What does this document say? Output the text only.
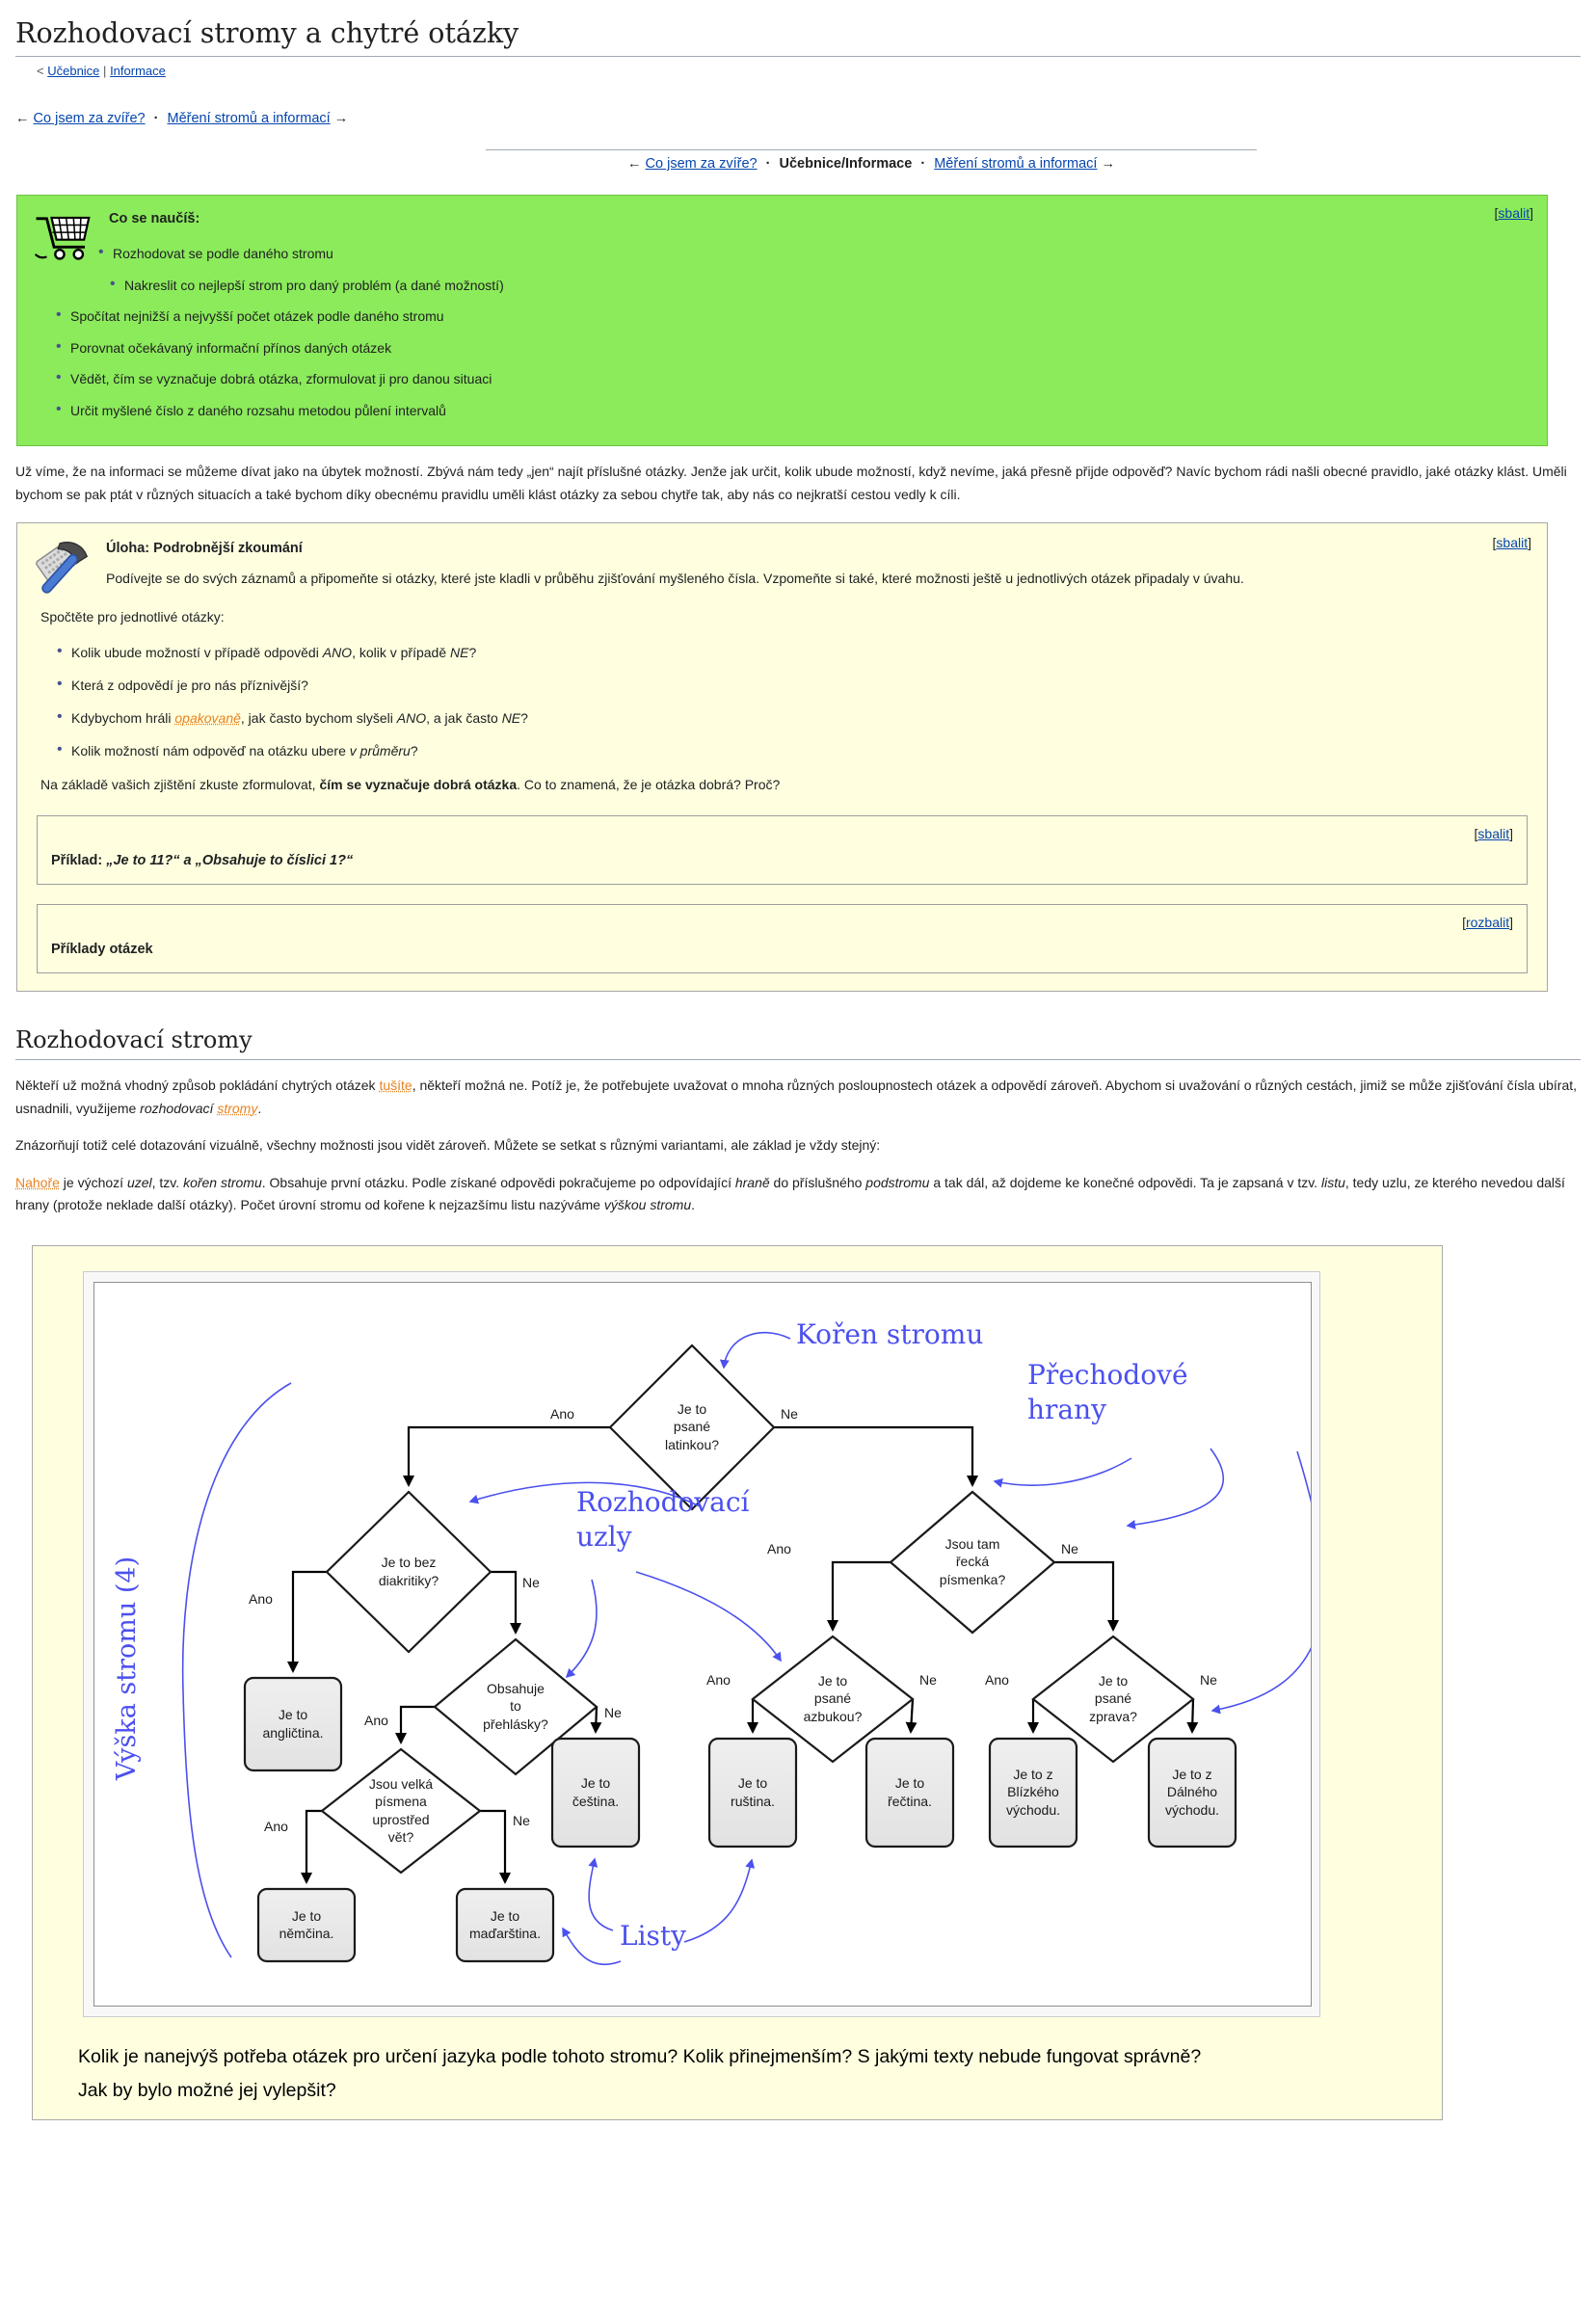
Rozhodovací stromy a chytré otázky
< Učebnice | Informace
← Co jsem za zvíře? · Měření stromů a informací →
← Co jsem za zvíře? · Učebnice/Informace · Měření stromů a informací →
[sbalit]
Co se naučíš:
• Rozhodovat se podle daného stromu
• Nakreslit co nejlepší strom pro daný problém (a dané možností)
• Spočítat nejnižší a nejvyšší počet otázek podle daného stromu
• Porovnat očekávaný informační přínos daných otázek
• Vědět, čím se vyznačuje dobrá otázka, zformulovat ji pro danou situaci
• Určit myšlené číslo z daného rozsahu metodou půlení intervalů

Už víme, že na informaci se můžeme dívat jako na úbytek možností. Zbývá nám tedy „jen“ najít příslušné otázky. Jenže jak určit, kolik ubude možností, když nevíme, jaká přesně přijde odpověď? Navíc bychom rádi našli obecné pravidlo, jaké otázky klást. Uměli bychom se pak ptát v různých situacích a také bychom díky obecnému pravidlu uměli klást otázky za sebou chytře tak, aby nás co nejkratší cestou vedly k cíli.

[sbalit]
Úloha: Podrobnější zkoumání

Podívejte se do svých záznamů a připomeňte si otázky, které jste kladli v průběhu zjišťování myšleného čísla. Vzpomeňte si také, které možnosti ještě u jednotlivých otázek připadaly v úvahu.

Spočtěte pro jednotlivé otázky:
• Kolik ubude možností v případě odpovědi ANO, kolik v případě NE?
• Která z odpovědí je pro nás příznivější?
• Kdybychom hráli opakovaně, jak často bychom slyšeli ANO, a jak často NE?
• Kolik možností nám odpověď na otázku ubere v průměru?
Na základě vašich zjištění zkuste zformulovat, čím se vyznačuje dobrá otázka. Co to znamená, že je otázka dobrá? Proč?
[sbalit]
Příklad: „Je to 11?“ a „Obsahuje to číslici 1?“
[rozbalit]
Příklady otázek
Rozhodovací stromy

Někteří už možná vhodný způsob pokládání chytrých otázek tušíte, někteří možná ne. Potíž je, že potřebujete uvažovat o mnoha různých posloupnostech otázek a odpovědí zároveň. Abychom si uvažování o různých cestách, jimiž se může zjišťování čísla ubírat, usnadnili, využijeme rozhodovací stromy.

Znázorňují totiž celé dotazování vizuálně, všechny možnosti jsou vidět zároveň. Můžete se setkat s různými variantami, ale základ je vždy stejný:

Nahoře je výchozí uzel, tzv. kořen stromu. Obsahuje první otázku. Podle získané odpovědi pokračujeme po odpovídající hraně do příslušného podstromu a tak dál, až dojdeme ke konečné odpovědi. Ta je zapsaná v tzv. listu, tedy uzlu, ze kterého nevedou další hrany (protože neklade další otázky). Počet úrovní stromu od kořene k nejzazšímu listu nazýváme výškou stromu.

Je to
psané
latinkou?
Je to bez
diakritiky?
Obsahuje
to
přehlásky?
Jsou velká
písmena
uprostřed
vět?
Jsou tam
řecká
písmenka?
Je to
psané
azbukou?
Je to
psané
zprava?
Je to
angličtina.
Je to
čeština.
Je to
ruština.
Je to
řečtina.
Je to z
Blízkého
východu.
Je to z
Dálného
východu.
Je to
němčina.
Je to
maďarština.
Ano	Ne
Ano
Ne
Ano	Ne
Ano	Ne
Ano	Ne
Ano	Ne	Ano	Ne
Kořen stromu
Přechodové
hrany
Rozhodovací
uzly
Listy
Výška stromu (4)
Kolik je nanejvýš potřeba otázek pro určení jazyka podle tohoto stromu? Kolik přinejmenším? S jakými texty nebude fungovat správně? Jak by bylo možné jej vylepšit?
